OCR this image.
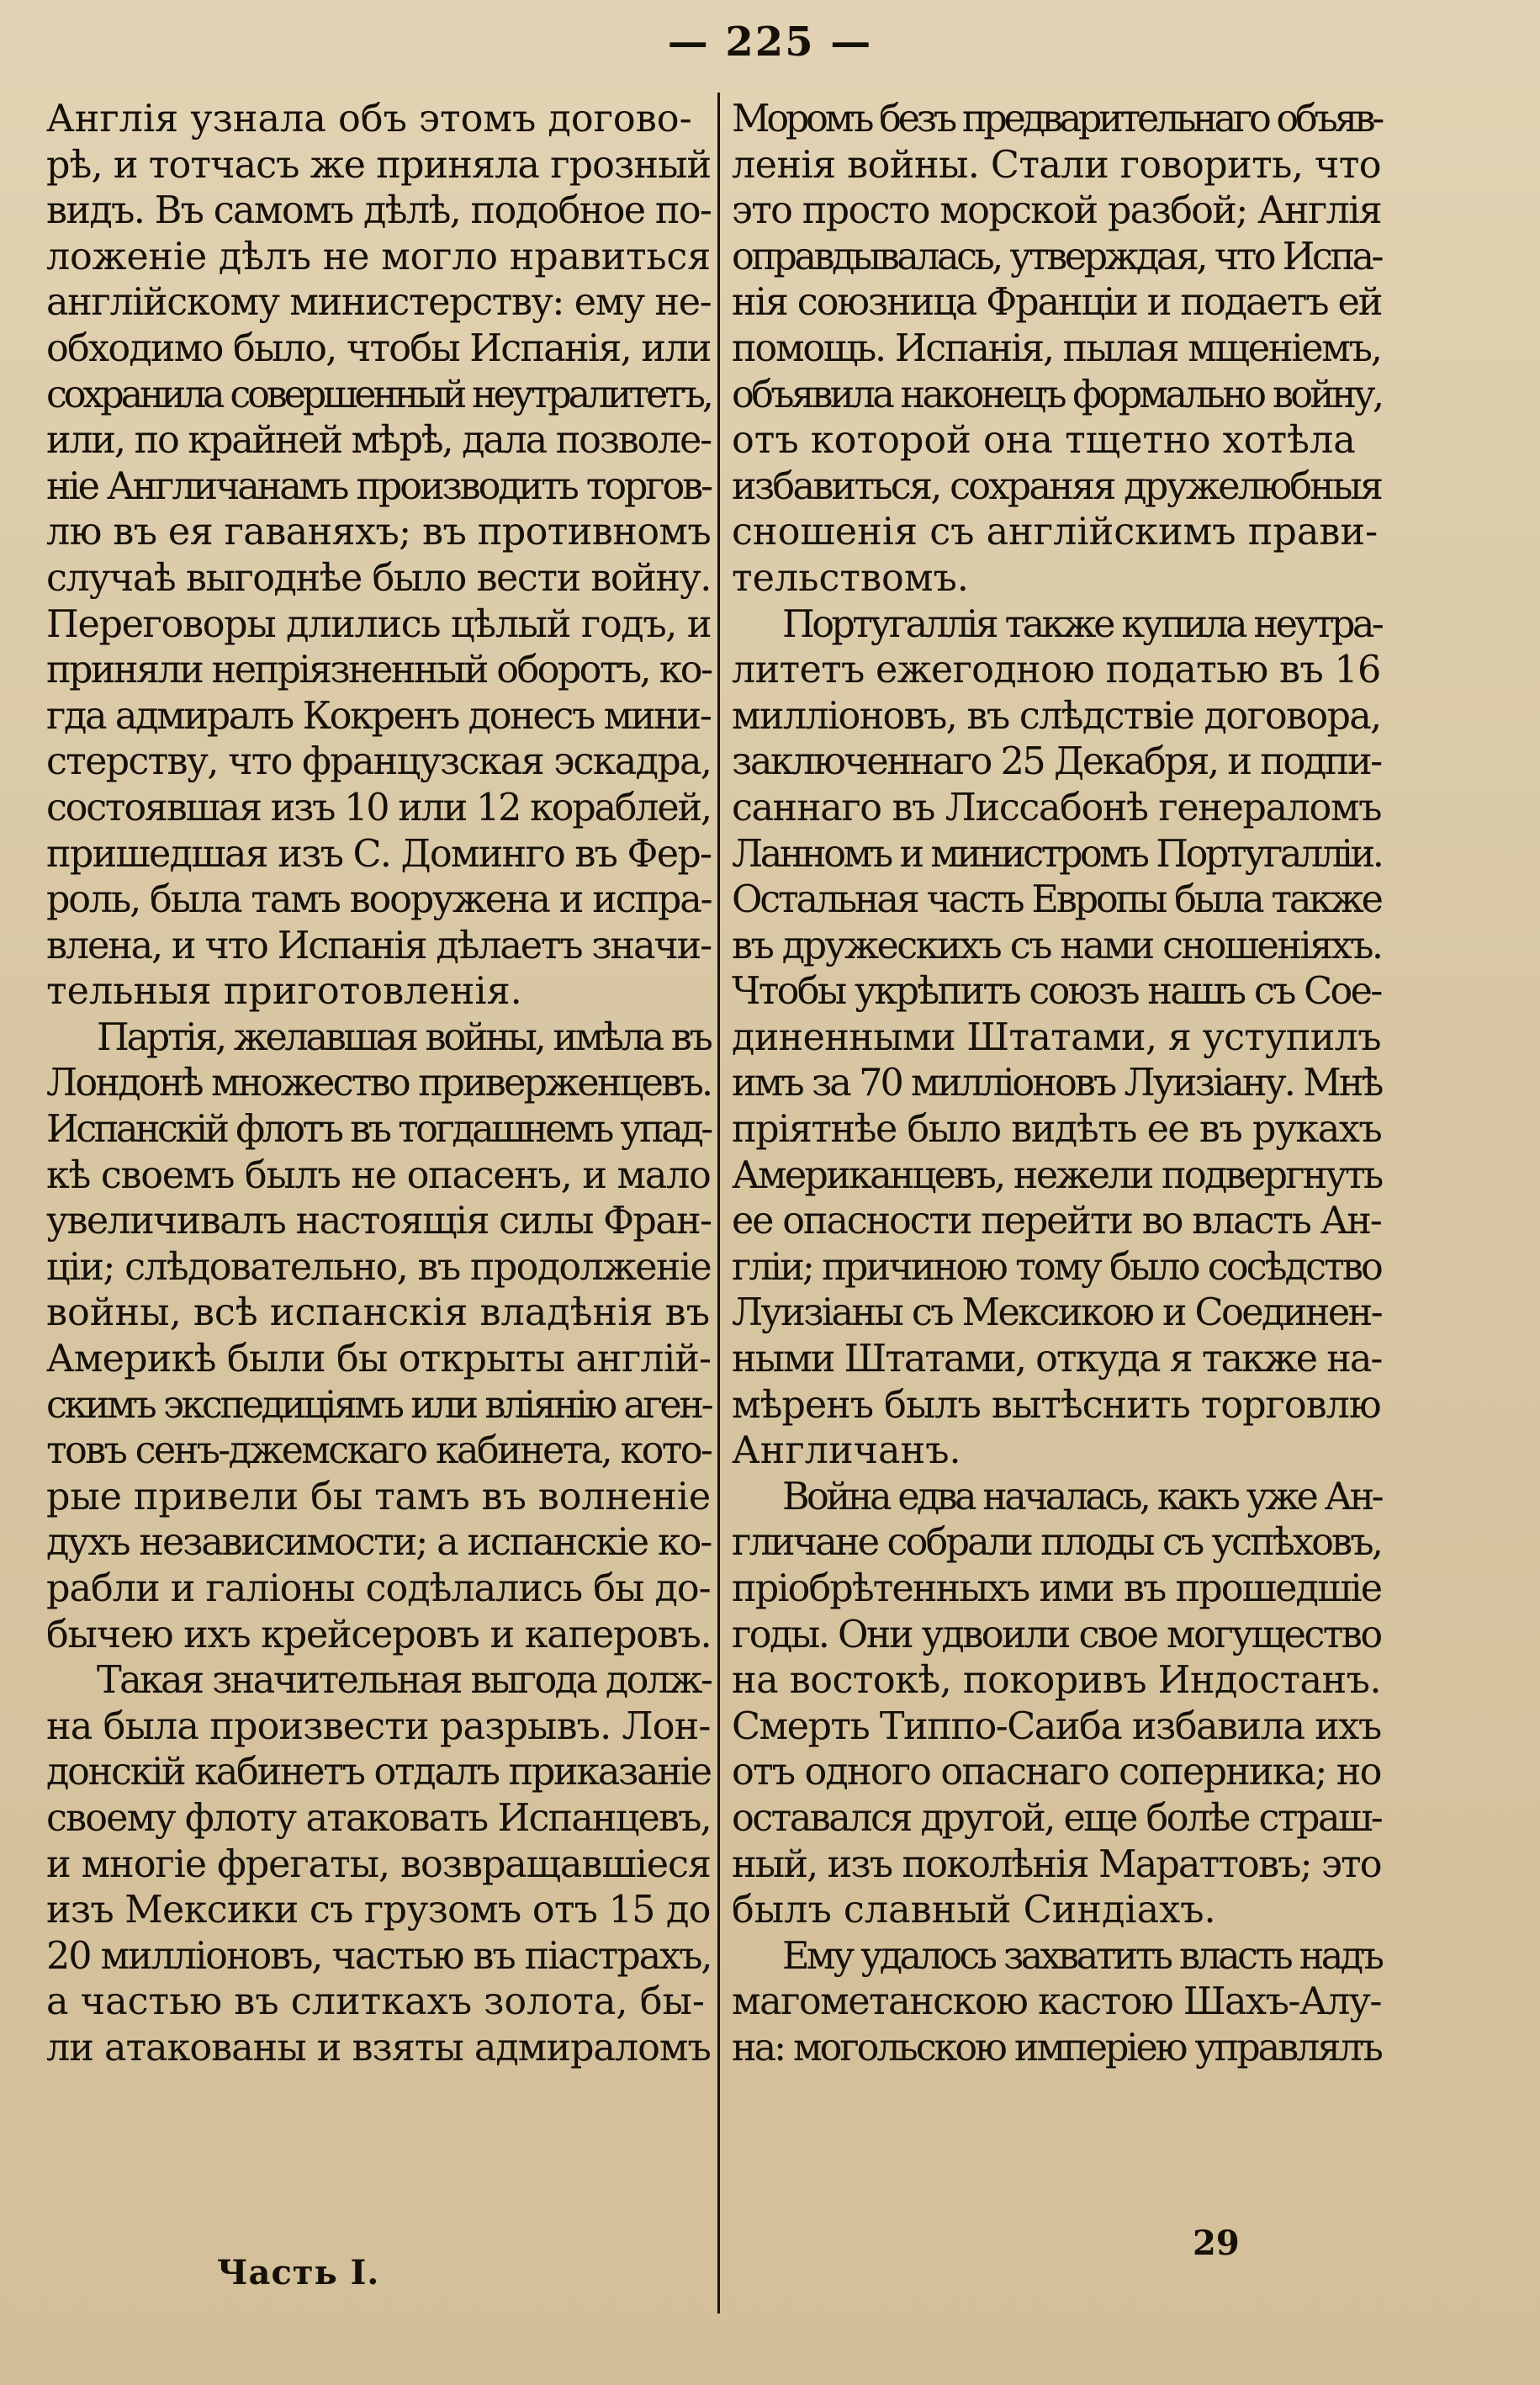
— 225 —
Англія узнала объ этомъ догово-
рѣ, и тотчасъ же приняла грозный
видъ. Въ самомъ дѣлѣ, подобное по-
ложеніе дѣлъ не могло нравиться
англійскому министерству: ему не-
обходимо было, чтобы Испанія, или
сохранила совершенный неутралитетъ,
или, по крайней мѣрѣ, дала позволе-
ніе Англичанамъ производить торгов-
лю въ ея гаваняхъ; въ противномъ
случаѣ выгоднѣе было вести войну.
Переговоры длились цѣлый годъ, и
приняли непріязненный оборотъ, ко-
гда адмиралъ Кокренъ донесъ мини-
стерству, что французская эскадра,
состоявшая изъ 10 или 12 кораблей,
пришедшая изъ С. Доминго въ Фер-
роль, была тамъ вооружена и испра-
влена, и что Испанія дѣлаетъ значи-
тельныя приготовленія.
Партія, желавшая войны, имѣла въ
Лондонѣ множество приверженцевъ.
Испанскій флотъ въ тогдашнемъ упад-
кѣ своемъ былъ не опасенъ, и мало
увеличивалъ настоящія силы Фран-
ціи; слѣдовательно, въ продолженіе
войны, всѣ испанскія владѣнія въ
Америкѣ были бы открыты англій-
скимъ экспедиціямъ или вліянію аген-
товъ сенъ-джемскаго кабинета, кото-
рые привели бы тамъ въ волненіе
духъ независимости; а испанскіе ко-
рабли и галіоны содѣлались бы до-
бычею ихъ крейсеровъ и каперовъ.
Такая значительная выгода долж-
на была произвести разрывъ. Лон-
донскій кабинетъ отдалъ приказаніе
своему флоту атаковать Испанцевъ,
и многіе фрегаты, возвращавшіеся
изъ Мексики съ грузомъ отъ 15 до
20 милліоновъ, частью въ піастрахъ,
а частью въ слиткахъ золота, бы-
ли атакованы и взяты адмираломъ
Моромъ безъ предварительнаго объяв-
ленія войны. Стали говорить, что
это просто морской разбой; Англія
оправдывалась, утверждая, что Испа-
нія союзница Франціи и подаетъ ей
помощь. Испанія, пылая мщеніемъ,
объявила наконецъ формально войну,
отъ которой она тщетно хотѣла
избавиться, сохраняя дружелюбныя
сношенія съ англійскимъ прави-
тельствомъ.
Португаллія также купила неутра-
литетъ ежегодною податью въ 16
милліоновъ, въ слѣдствіе договора,
заключеннаго 25 Декабря, и подпи-
саннаго въ Лиссабонѣ генераломъ
Ланномъ и министромъ Португалліи.
Остальная часть Европы была также
въ дружескихъ съ нами сношеніяхъ.
Чтобы укрѣпить союзъ нашъ съ Сое-
диненными Штатами, я уступилъ
имъ за 70 милліоновъ Луизіану. Мнѣ
пріятнѣе было видѣть ее въ рукахъ
Американцевъ, нежели подвергнуть
ее опасности перейти во власть Ан-
гліи; причиною тому было сосѣдство
Луизіаны съ Мексикою и Соединен-
ными Штатами, откуда я также на-
мѣренъ былъ вытѣснить торговлю
Англичанъ.
Война едва началась, какъ уже Ан-
гличане собрали плоды съ успѣховъ,
пріобрѣтенныхъ ими въ прошедшіе
годы. Они удвоили свое могущество
на востокѣ, покоривъ Индостанъ.
Смерть Типпо-Саиба избавила ихъ
отъ одного опаснаго соперника; но
оставался другой, еще болѣе страш-
ный, изъ поколѣнія Мараттовъ; это
былъ славный Синдіахъ.
Ему удалось захватить власть надъ
магометанскою кастою Шахъ-Алу-
на: могольскою имперіею управлялъ
Часть I.
29
